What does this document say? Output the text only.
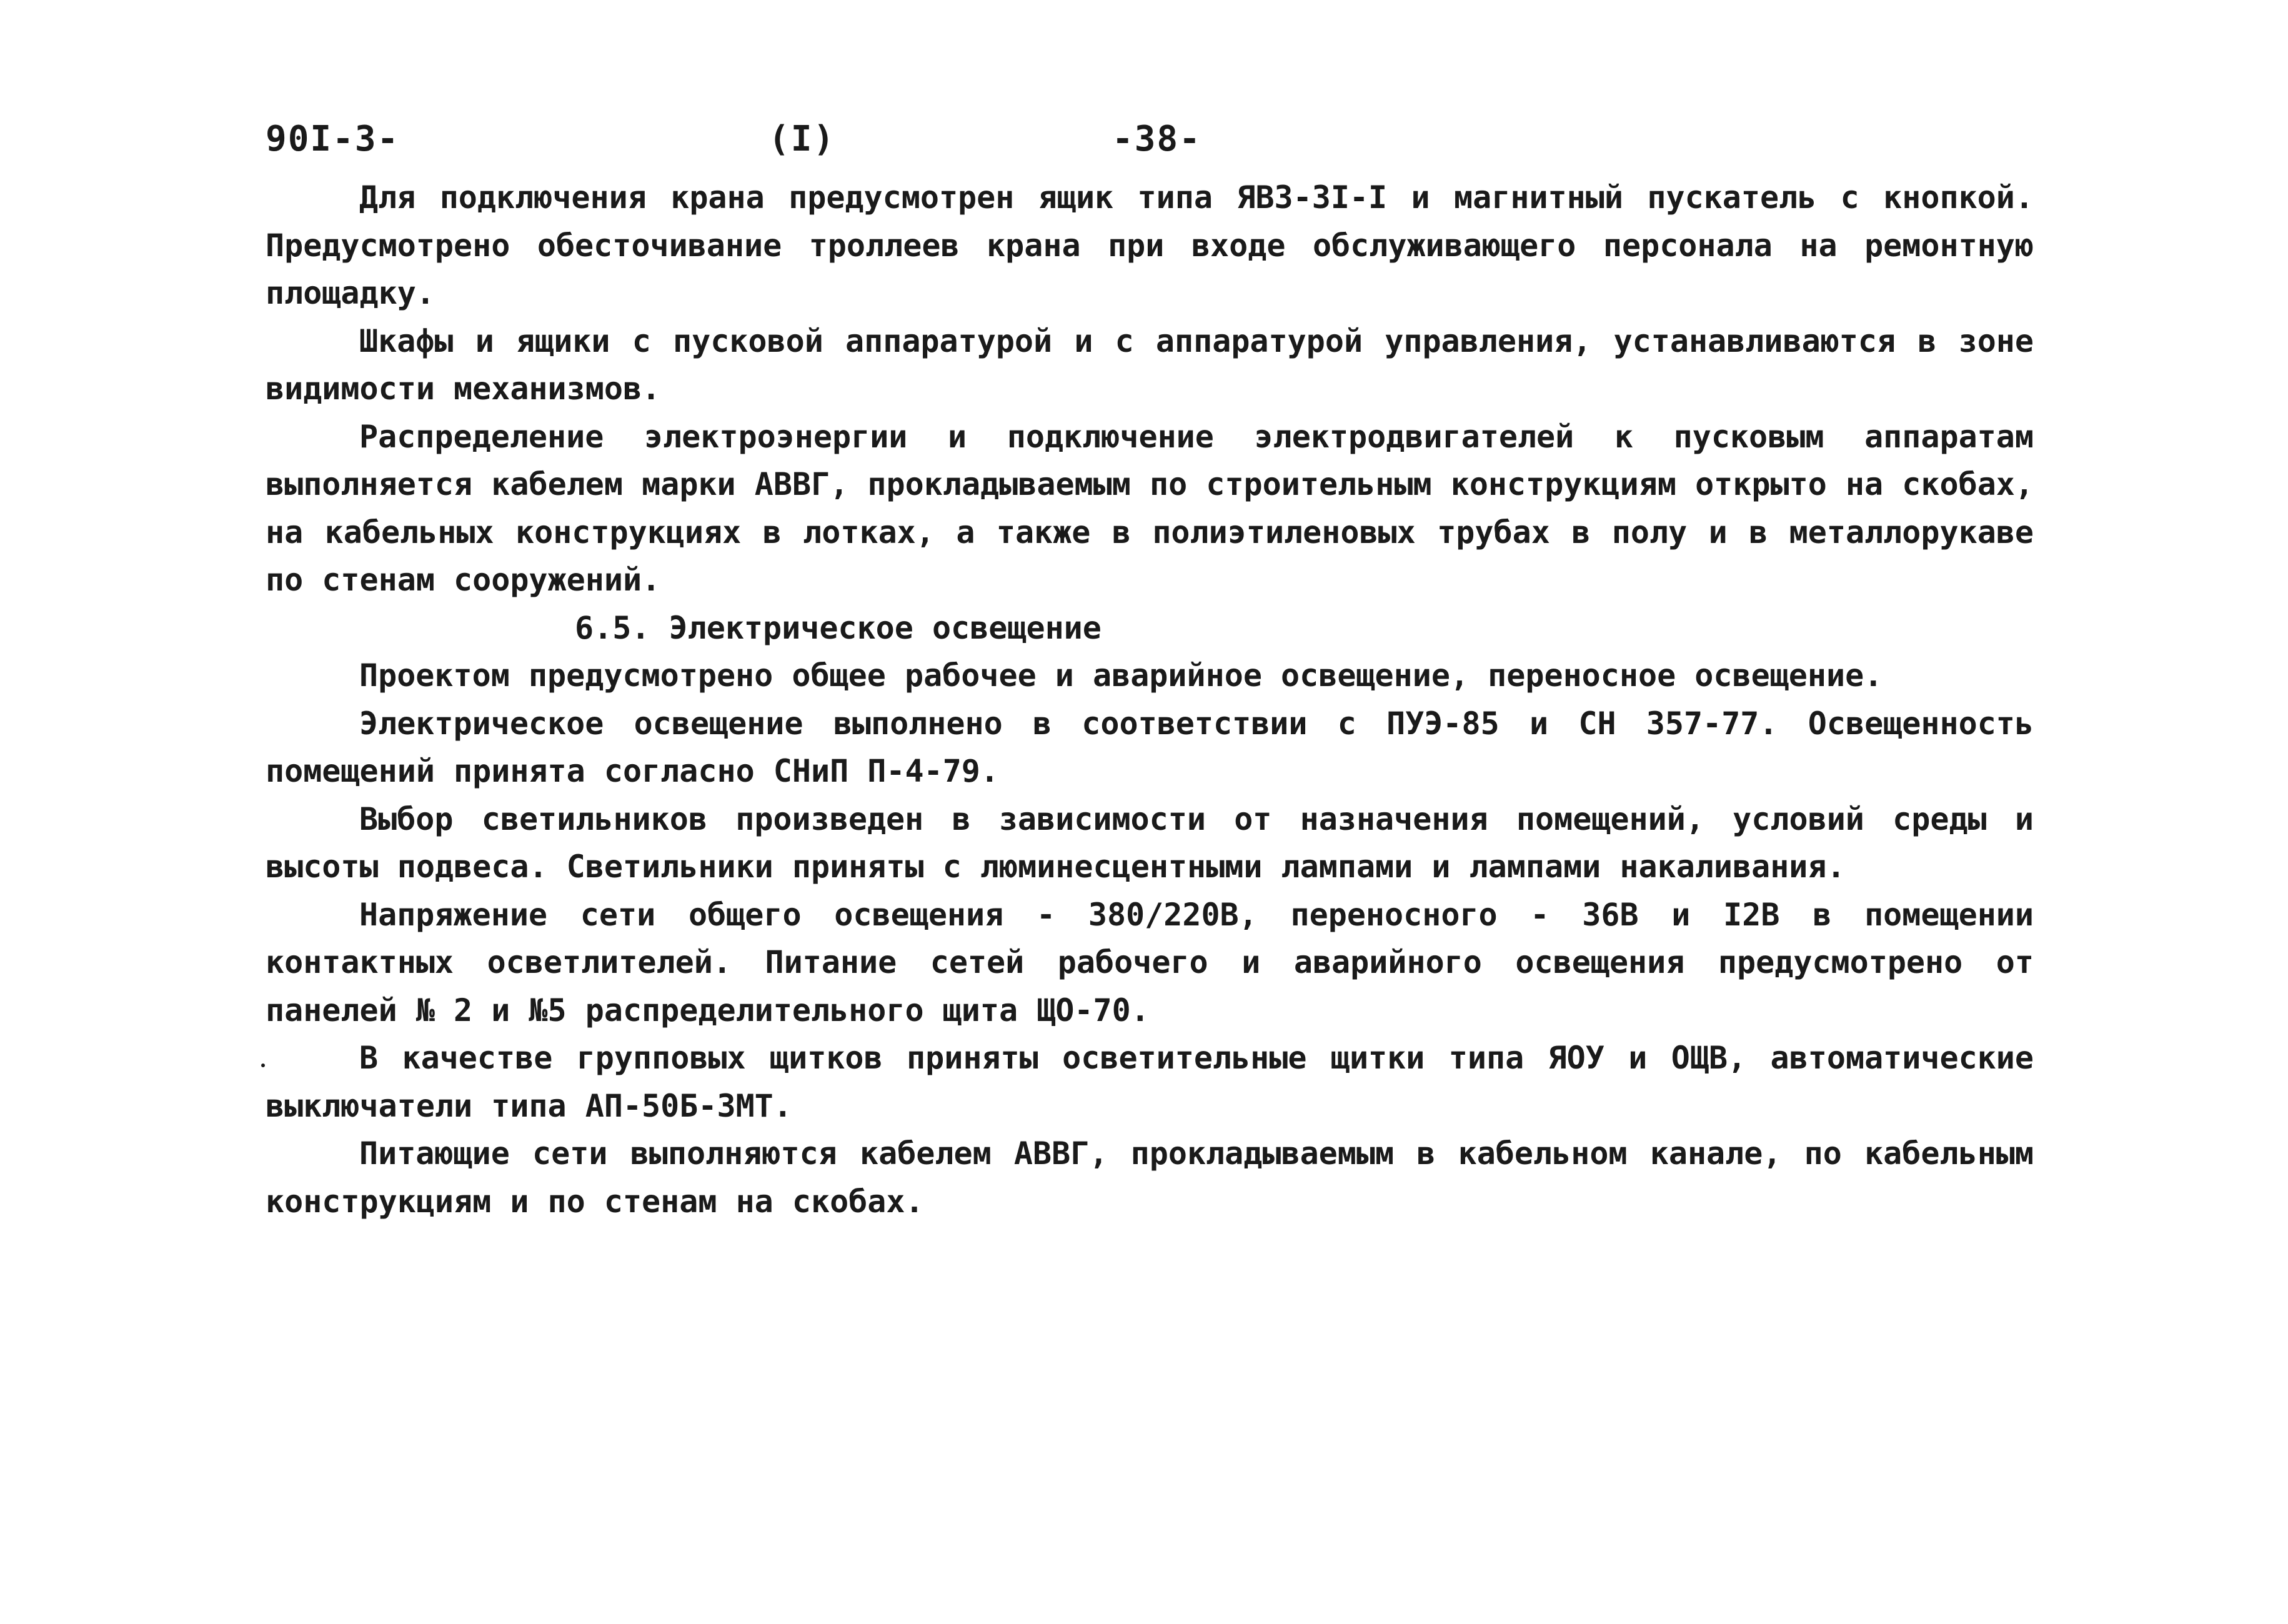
90I-3-	(I)	-38-

Для подключения крана предусмотрен ящик типа ЯВЗ-3I-I и магнитный пускатель с кнопкой. Предусмотрено обесточивание троллеев крана при входе обслуживающего персонала на ремонтную площадку.

Шкафы и ящики с пусковой аппаратурой и с аппаратурой управления, устанавливаются в зоне видимости механизмов.

Распределение электроэнергии и подключение электродвигателей к пусковым аппаратам выполняется кабелем марки АВВГ, прокладываемым по строительным конструкциям открыто на скобах, на кабельных конструкциях в лотках, а также в полиэтиленовых трубах в полу и в металлорукаве по стенам сооружений.

6.5. Электрическое освещение

Проектом предусмотрено общее рабочее и аварийное освещение, переносное освещение.

Электрическое освещение выполнено в соответствии с ПУЭ-85 и СН 357-77. Освещенность помещений принята согласно СНиП П-4-79.

Выбор светильников произведен в зависимости от назначения помещений, условий среды и высоты подвеса. Светильники приняты с люминесцентными лампами и лампами накаливания.

Напряжение сети общего освещения - 380/220В, переносного - 36В и I2В в помещении контактных осветлителей. Питание сетей рабочего и аварийного освещения предусмотрено от панелей № 2 и №5 распределительного щита ЩО-70.

В качестве групповых щитков приняты осветительные щитки типа ЯОУ и ОЩВ, автоматические выключатели типа АП-50Б-3МТ.

Питающие сети выполняются кабелем АВВГ, прокладываемым в кабельном канале, по кабельным конструкциям и по стенам на скобах.
